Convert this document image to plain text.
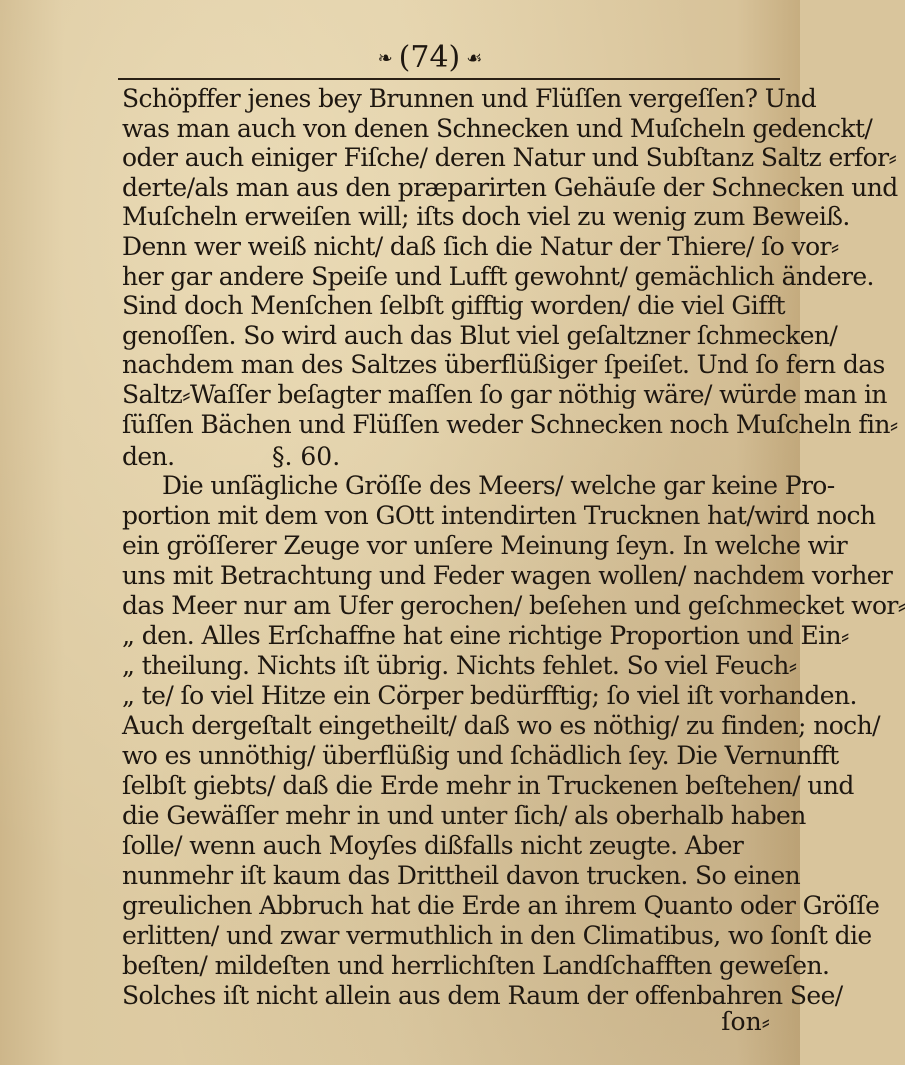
❧ (74) ☙
Schöpffer jenes bey Brunnen und Flüſſen vergeſſen? Und
was man auch von denen Schnecken und Muſcheln gedenckt/
oder auch einiger Fiſche/ deren Natur und Subſtanz Saltz erfor⸗
derte/als man aus den præparirten Gehäuſe der Schnecken und
Muſcheln erweiſen will; iſts doch viel zu wenig zum Beweiß.
Denn wer weiß nicht/ daß ſich die Natur der Thiere/ ſo vor⸗
her gar andere Speiſe und Lufft gewohnt/ gemächlich ändere.
Sind doch Menſchen ſelbſt gifftig worden/ die viel Gifft
genoſſen. So wird auch das Blut viel geſaltzner ſchmecken/
nachdem man des Saltzes überflüßiger ſpeiſet. Und ſo fern das
Saltz⸗Waſſer beſagter maſſen ſo gar nöthig wäre/ würde man in
ſüſſen Bächen und Flüſſen weder Schnecken noch Muſcheln fin⸗
den.	§. 60.
Die unſägliche Gröſſe des Meers/ welche gar keine Pro-
portion mit dem von GOtt intendirten Trucknen hat/wird noch
ein gröſſerer Zeuge vor unſere Meinung ſeyn. In welche wir
uns mit Betrachtung und Feder wagen wollen/ nachdem vorher
das Meer nur am Ufer gerochen/ beſehen und geſchmecket wor⸗
„ den. Alles Erſchaffne hat eine richtige Proportion und Ein⸗
„ theilung. Nichts iſt übrig. Nichts fehlet. So viel Feuch⸗
„ te/ ſo viel Hitze ein Cörper bedürfftig; ſo viel iſt vorhanden.
Auch dergeſtalt eingetheilt/ daß wo es nöthig/ zu finden; noch/
wo es unnöthig/ überflüßig und ſchädlich ſey. Die Vernunfft
ſelbſt giebts/ daß die Erde mehr in Truckenen beſtehen/ und
die Gewäſſer mehr in und unter ſich/ als oberhalb haben
ſolle/ wenn auch Moyſes dißfalls nicht zeugte. Aber
nunmehr iſt kaum das Drittheil davon trucken. So einen
greulichen Abbruch hat die Erde an ihrem Quanto oder Gröſſe
erlitten/ und zwar vermuthlich in den Climatibus, wo ſonſt die
beſten/ mildeſten und herrlichſten Landſchafften geweſen.
Solches iſt nicht allein aus dem Raum der offenbahren See/
ſon⸗
